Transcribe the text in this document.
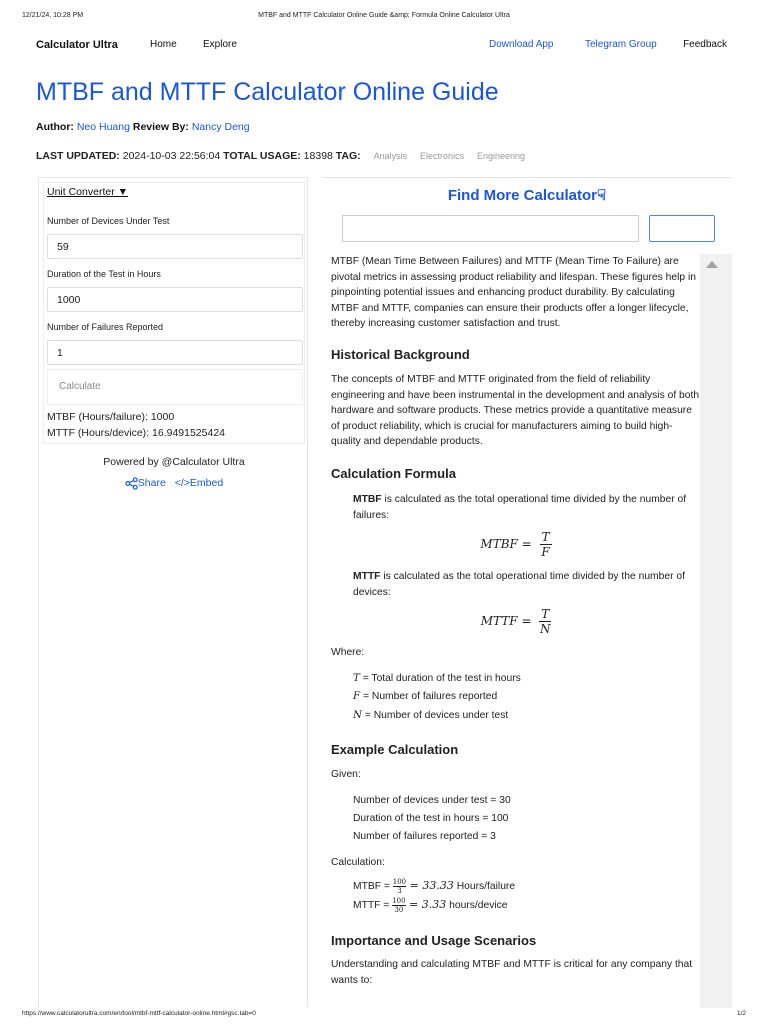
12/21/24, 10:28 PM	MTBF and MTTF Calculator Online Guide &amp; Formula Online Calculator Ultra
Calculator Ultra	Home	Explore	Download App	Telegram Group	Feedback
MTBF and MTTF Calculator Online Guide
Author: Neo Huang Review By: Nancy Deng
LAST UPDATED: 2024-10-03 22:56:04 TOTAL USAGE: 18398 TAG: Analysis Electronics Engineering
Unit Converter ▼
Number of Devices Under Test
59
Duration of the Test in Hours
1000
Number of Failures Reported
1
Calculate
MTBF (Hours/failure): 1000
MTTF (Hours/device): 16.9491525424
Powered by @Calculator Ultra
Share </>Embed
Find More Calculator☟

MTBF (Mean Time Between Failures) and MTTF (Mean Time To Failure) are pivotal metrics in assessing product reliability and lifespan. These figures help in pinpointing potential issues and enhancing product durability. By calculating MTBF and MTTF, companies can ensure their products offer a longer lifecycle, thereby increasing customer satisfaction and trust.

Historical Background

The concepts of MTBF and MTTF originated from the field of reliability engineering and have been instrumental in the development and analysis of both hardware and software products. These metrics provide a quantitative measure of product reliability, which is crucial for manufacturers aiming to build high-quality and dependable products.

Calculation Formula
MTBF is calculated as the total operational time divided by the number of failures:
MTBF = $\frac{T}{F}$
MTTF is calculated as the total operational time divided by the number of devices:
MTTF = $\frac{T}{N}$

Where:

T = Total duration of the test in hours
F = Number of failures reported
N = Number of devices under test
Example Calculation

Given:

Number of devices under test = 30
Duration of the test in hours = 100
Number of failures reported = 3

Calculation:

MTBF = $\frac{100}{3} = 33.33$ Hours/failure
MTTF = $\frac{100}{30} = 3.33$ hours/device
Importance and Usage Scenarios

Understanding and calculating MTBF and MTTF is critical for any company that wants to:

https://www.calculatorultra.com/en/tool/mtbf-mttf-calculator-online.html#gsc.tab=0	1/2
